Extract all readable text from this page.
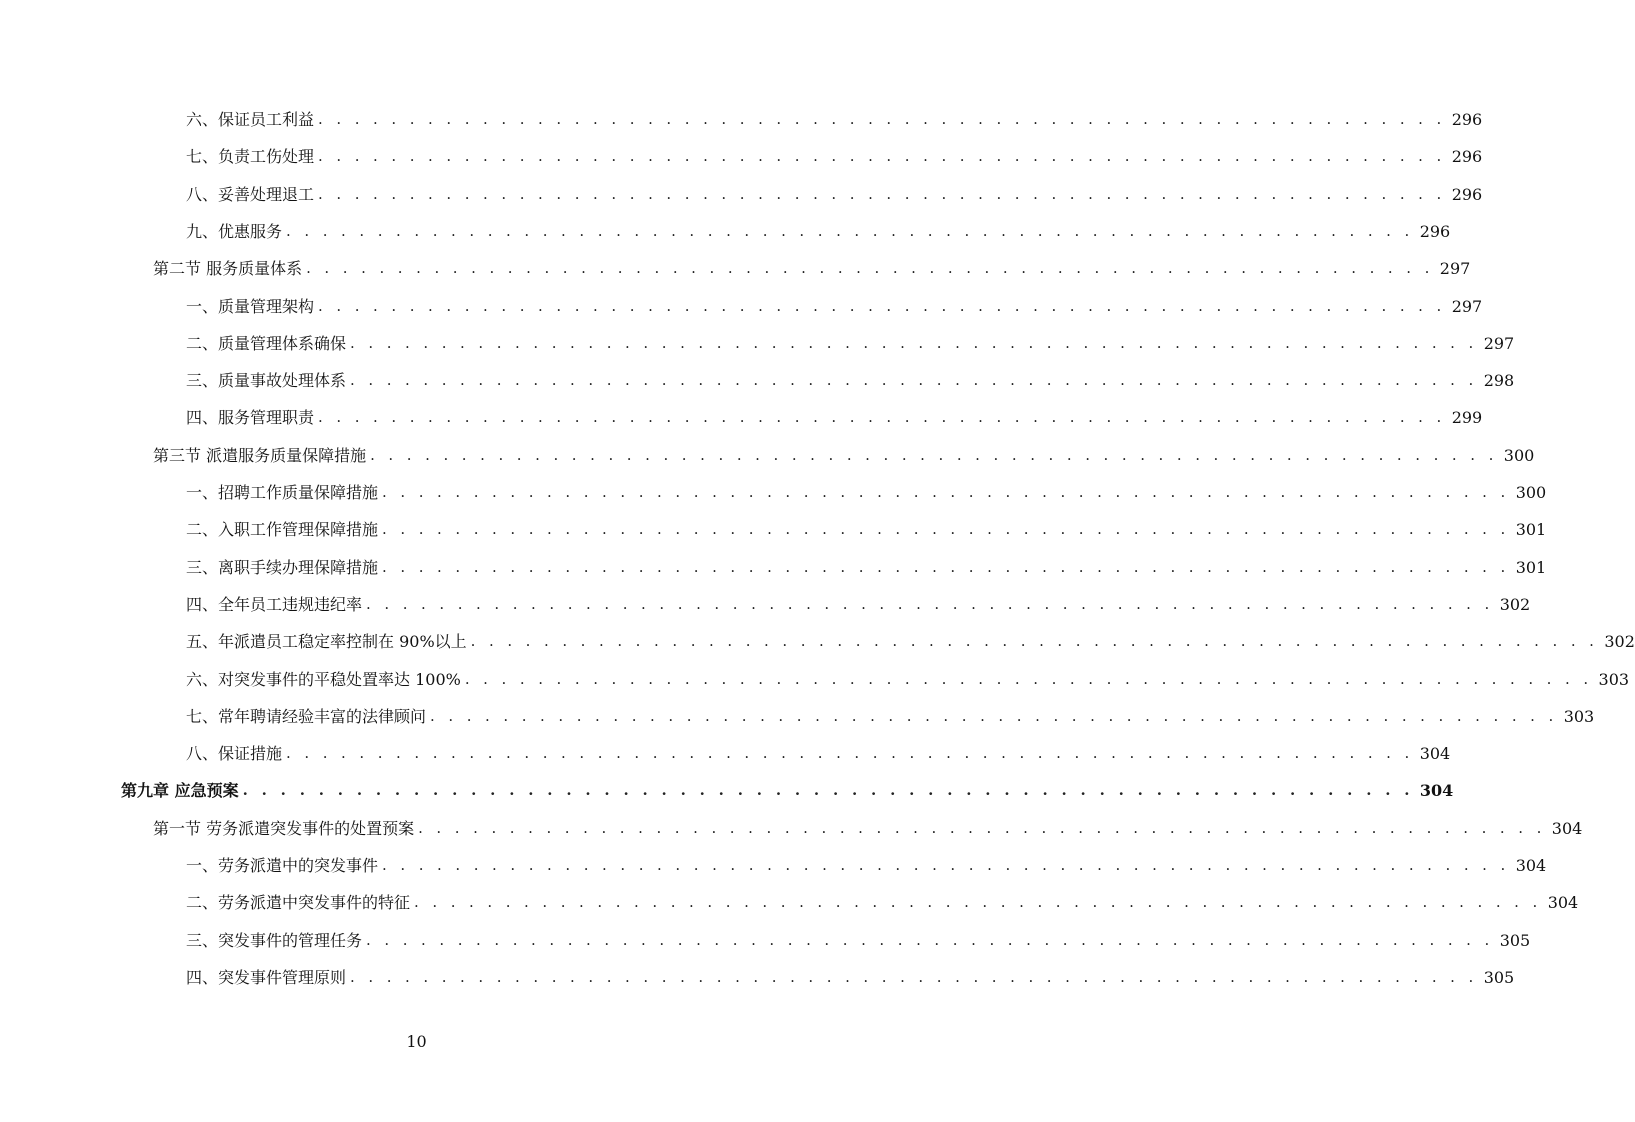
六、保证员工利益 . . . . . . . . . . . . . . . . . . . . . . . . . . . . . . . . . . . . . . . . . . . . . . . . . . . . . . . . . . . . . . 296
七、负责工伤处理 . . . . . . . . . . . . . . . . . . . . . . . . . . . . . . . . . . . . . . . . . . . . . . . . . . . . . . . . . . . . . . 296
八、妥善处理退工 . . . . . . . . . . . . . . . . . . . . . . . . . . . . . . . . . . . . . . . . . . . . . . . . . . . . . . . . . . . . . . 296
九、优惠服务 . . . . . . . . . . . . . . . . . . . . . . . . . . . . . . . . . . . . . . . . . . . . . . . . . . . . . . . . . . . . . . 296
第二节 服务质量体系 . . . . . . . . . . . . . . . . . . . . . . . . . . . . . . . . . . . . . . . . . . . . . . . . . . . . . . . . . . . . . . 297
一、质量管理架构 . . . . . . . . . . . . . . . . . . . . . . . . . . . . . . . . . . . . . . . . . . . . . . . . . . . . . . . . . . . . . . 297
二、质量管理体系确保 . . . . . . . . . . . . . . . . . . . . . . . . . . . . . . . . . . . . . . . . . . . . . . . . . . . . . . . . . . . . . . 297
三、质量事故处理体系 . . . . . . . . . . . . . . . . . . . . . . . . . . . . . . . . . . . . . . . . . . . . . . . . . . . . . . . . . . . . . . 298
四、服务管理职责 . . . . . . . . . . . . . . . . . . . . . . . . . . . . . . . . . . . . . . . . . . . . . . . . . . . . . . . . . . . . . . 299
第三节 派遣服务质量保障措施 . . . . . . . . . . . . . . . . . . . . . . . . . . . . . . . . . . . . . . . . . . . . . . . . . . . . . . . . . . . . . . 300
一、招聘工作质量保障措施 . . . . . . . . . . . . . . . . . . . . . . . . . . . . . . . . . . . . . . . . . . . . . . . . . . . . . . . . . . . . . . 300
二、入职工作管理保障措施 . . . . . . . . . . . . . . . . . . . . . . . . . . . . . . . . . . . . . . . . . . . . . . . . . . . . . . . . . . . . . . 301
三、离职手续办理保障措施 . . . . . . . . . . . . . . . . . . . . . . . . . . . . . . . . . . . . . . . . . . . . . . . . . . . . . . . . . . . . . . 301
四、全年员工违规违纪率 . . . . . . . . . . . . . . . . . . . . . . . . . . . . . . . . . . . . . . . . . . . . . . . . . . . . . . . . . . . . . . 302
五、年派遣员工稳定率控制在 90%以上 . . . . . . . . . . . . . . . . . . . . . . . . . . . . . . . . . . . . . . . . . . . . . . . . . . . . . . . . . . . . . . 302
六、对突发事件的平稳处置率达 100% . . . . . . . . . . . . . . . . . . . . . . . . . . . . . . . . . . . . . . . . . . . . . . . . . . . . . . . . . . . . . . 303
七、常年聘请经验丰富的法律顾问 . . . . . . . . . . . . . . . . . . . . . . . . . . . . . . . . . . . . . . . . . . . . . . . . . . . . . . . . . . . . . . 303
八、保证措施 . . . . . . . . . . . . . . . . . . . . . . . . . . . . . . . . . . . . . . . . . . . . . . . . . . . . . . . . . . . . . . 304
第九章 应急预案 . . . . . . . . . . . . . . . . . . . . . . . . . . . . . . . . . . . . . . . . . . . . . . . . . . . . . . . . . . . . . . 304
第一节 劳务派遣突发事件的处置预案 . . . . . . . . . . . . . . . . . . . . . . . . . . . . . . . . . . . . . . . . . . . . . . . . . . . . . . . . . . . . . . 304
一、劳务派遣中的突发事件 . . . . . . . . . . . . . . . . . . . . . . . . . . . . . . . . . . . . . . . . . . . . . . . . . . . . . . . . . . . . . . 304
二、劳务派遣中突发事件的特征 . . . . . . . . . . . . . . . . . . . . . . . . . . . . . . . . . . . . . . . . . . . . . . . . . . . . . . . . . . . . . . 304
三、突发事件的管理任务 . . . . . . . . . . . . . . . . . . . . . . . . . . . . . . . . . . . . . . . . . . . . . . . . . . . . . . . . . . . . . . 305
四、突发事件管理原则 . . . . . . . . . . . . . . . . . . . . . . . . . . . . . . . . . . . . . . . . . . . . . . . . . . . . . . . . . . . . . . 305
10
